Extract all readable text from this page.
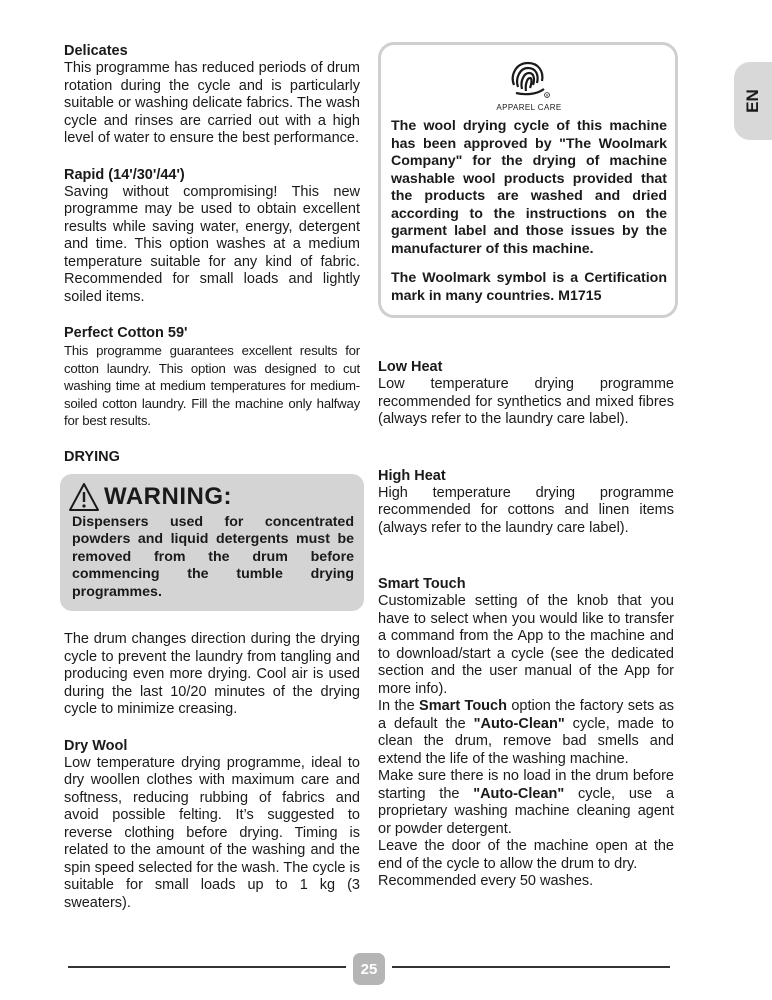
Delicates

This programme has reduced periods of drum rotation during the cycle and is particularly suitable or washing delicate fabrics. The wash cycle and rinses are carried out with a high level of water to ensure the best performance.

Rapid (14'/30'/44')

Saving without compromising! This new programme may be used to obtain excellent results while saving water, energy, detergent and time. This option washes at a medium temperature suitable for any kind of fabric. Recommended for small loads and lightly soiled items.

Perfect Cotton 59'

This programme guarantees excellent results for cotton laundry. This option was designed to cut washing time at medium temperatures for medium-soiled cotton laundry. Fill the machine only halfway for best results.

DRYING

WARNING:

Dispensers used for concentrated powders and liquid detergents must be removed from the drum before commencing the tumble drying programmes.

The drum changes direction during the drying cycle to prevent the laundry from tangling and producing even more drying. Cool air is used during the last 10/20 minutes of the drying cycle to minimize creasing.

Dry Wool

Low temperature drying programme, ideal to dry woollen clothes with maximum care and softness, reducing rubbing of fabrics and avoid possible felting. It’s suggested to reverse clothing before drying. Timing is related to the amount of the washing and the spin speed selected for the wash. The cycle is suitable for small loads up to 1 kg (3 sweaters).

R
APPAREL CARE

The wool drying cycle of this machine has been approved by "The Woolmark Company" for the drying of machine washable wool products provided that the products are washed and dried according to the instructions on the garment label and those issues by the manufacturer of this machine.

The Woolmark symbol is a Certification mark in many countries. M1715

Low Heat

Low temperature drying programme recommended for synthetics and mixed fibres (always refer to the laundry care label).

High Heat

High temperature drying programme recommended for cottons and linen items (always refer to the laundry care label).

Smart Touch

Customizable setting of the knob that you have to select when you would like to transfer a command from the App to the machine and to download/start a cycle (see the dedicated section and the user manual of the App for more info).

In the Smart Touch option the factory sets as a default the "Auto-Clean" cycle, made to clean the drum, remove bad smells and extend the life of the washing machine.

Make sure there is no load in the drum before starting the "Auto-Clean" cycle, use a proprietary washing machine cleaning agent or powder detergent.

Leave the door of the machine open at the end of the cycle to allow the drum to dry.

Recommended every 50 washes.

EN
25
